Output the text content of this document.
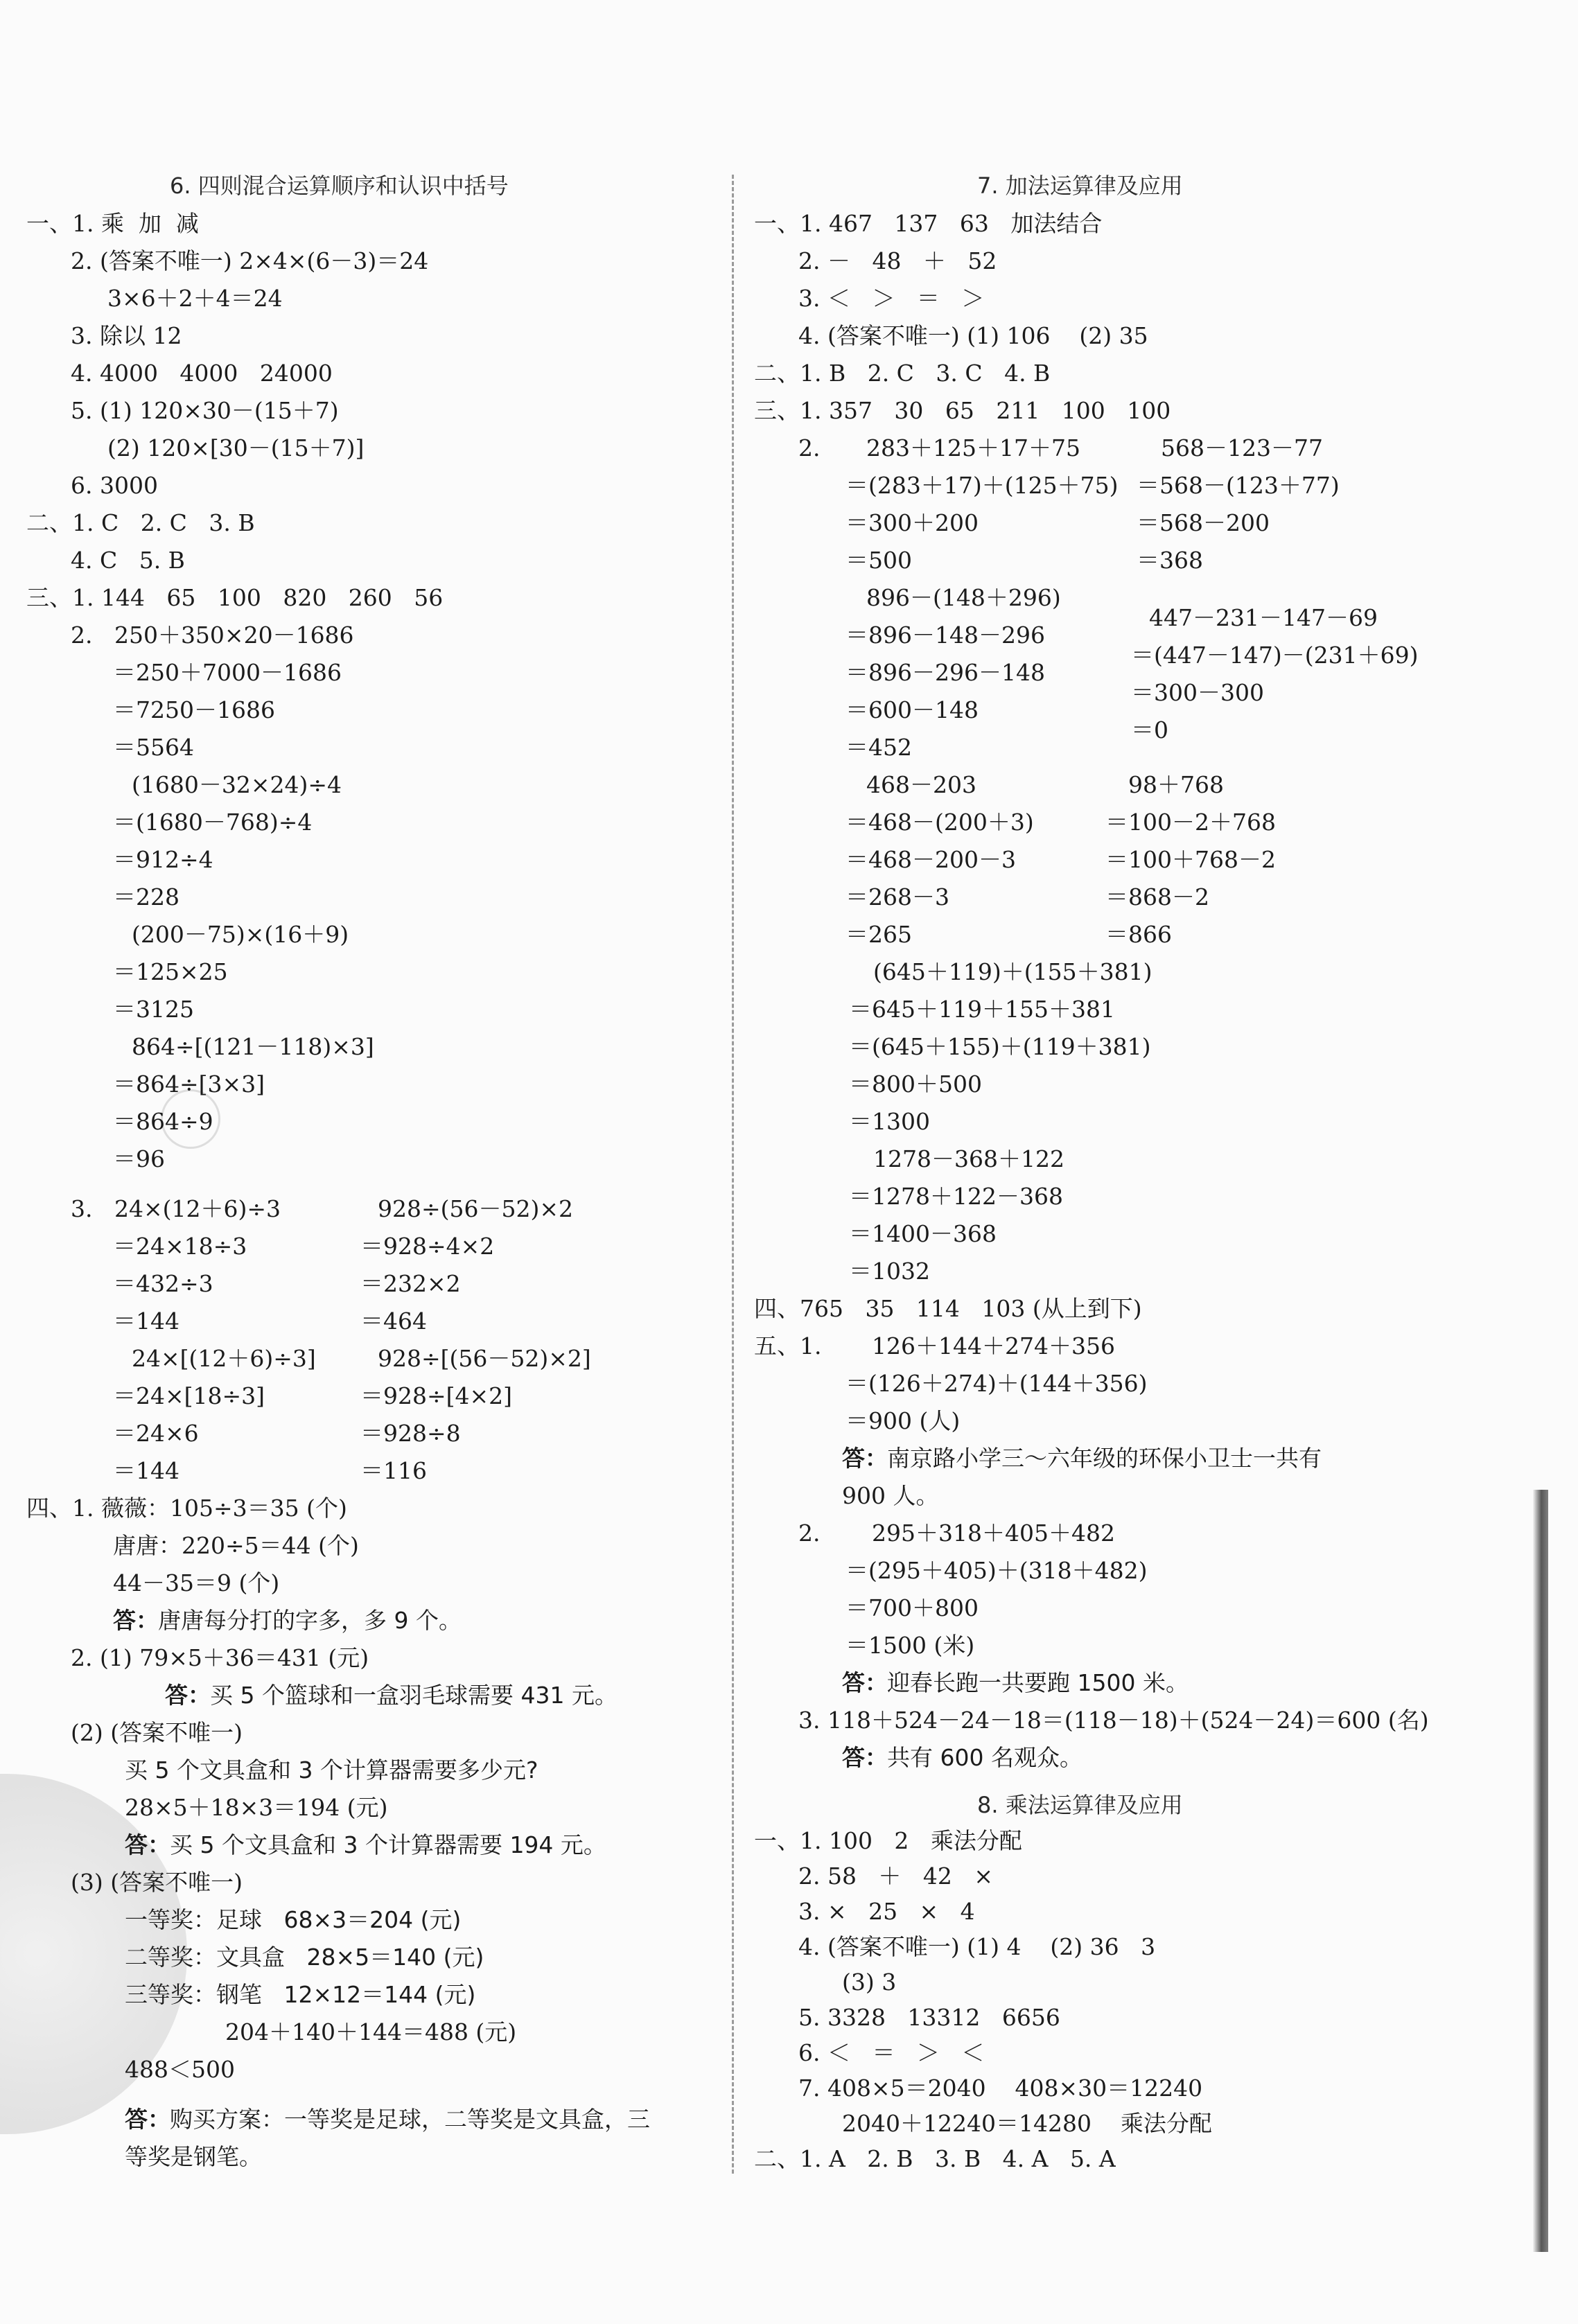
6. 四则混合运算顺序和认识中括号
一、1. 乘  加  减
2. (答案不唯一) 2×4×(6－3)＝24
3×6＋2＋4＝24
3. 除以 12
4. 4000   4000   24000
5. (1) 120×30－(15＋7)
(2) 120×[30－(15＋7)]
6. 3000
二、1. C   2. C   3. B
4. C   5. B
三、1. 144   65   100   820   260   56
2.   250＋350×20－1686
＝250＋7000－1686
＝7250－1686
＝5564
(1680－32×24)÷4
＝(1680－768)÷4
＝912÷4
＝228
(200－75)×(16＋9)
＝125×25
＝3125
864÷[(121－118)×3]
＝864÷[3×3]
＝864÷9
＝96
3.   24×(12＋6)÷3
＝24×18÷3
＝432÷3
＝144
24×[(12＋6)÷3]
＝24×[18÷3]
＝24×6
＝144
928÷(56－52)×2
＝928÷4×2
＝232×2
＝464
928÷[(56－52)×2]
＝928÷[4×2]
＝928÷8
＝116
四、1. 薇薇：105÷3＝35 (个)
唐唐：220÷5＝44 (个)
44－35＝9 (个)
答： 唐唐每分打的字多，多 9 个。
2. (1) 79×5＋36＝431 (元)
答： 买 5 个篮球和一盒羽毛球需要 431 元。
(2) (答案不唯一)
买 5 个文具盒和 3 个计算器需要多少元?
28×5＋18×3＝194 (元)
答： 买 5 个文具盒和 3 个计算器需要 194 元。
(3) (答案不唯一)
一等奖：足球   68×3＝204 (元)
二等奖：文具盒   28×5＝140 (元)
三等奖：钢笔   12×12＝144 (元)
204＋140＋144＝488 (元)
488＜500
答： 购买方案：一等奖是足球，二等奖是文具盒，三
等奖是钢笔。
7. 加法运算律及应用
一、1. 467   137   63   加法结合
2. －   48   ＋   52
3. ＜   ＞   ＝   ＞
4. (答案不唯一) (1) 106    (2) 35
二、1. B   2. C   3. C   4. B
三、1. 357   30   65   211   100   100
2. 283＋125＋17＋75
＝(283＋17)＋(125＋75)
＝300＋200
＝500
568－123－77
＝568－(123＋77)
＝568－200
＝368
896－(148＋296)
＝896－148－296
＝896－296－148
＝600－148
＝452
447－231－147－69
＝(447－147)－(231＋69)
＝300－300
＝0
468－203
＝468－(200＋3)
＝468－200－3
＝268－3
＝265
98＋768
＝100－2＋768
＝100＋768－2
＝868－2
＝866
(645＋119)＋(155＋381)
＝645＋119＋155＋381
＝(645＋155)＋(119＋381)
＝800＋500
＝1300
1278－368＋122
＝1278＋122－368
＝1400－368
＝1032
四、765   35   114   103 (从上到下)
五、1. 126＋144＋274＋356
＝(126＋274)＋(144＋356)
＝900 (人)
答： 南京路小学三～六年级的环保小卫士一共有
900 人。
2. 295＋318＋405＋482
＝(295＋405)＋(318＋482)
＝700＋800
＝1500 (米)
答： 迎春长跑一共要跑 1500 米。
3. 118＋524－24－18＝(118－18)＋(524－24)＝600 (名)
答： 共有 600 名观众。
8. 乘法运算律及应用
一、1. 100   2   乘法分配
2. 58   ＋   42   ×
3. ×   25   ×   4
4. (答案不唯一) (1) 4    (2) 36   3
(3) 3
5. 3328   13312   6656
6. ＜   ＝   ＞   ＜
7. 408×5＝2040    408×30＝12240
2040＋12240＝14280    乘法分配
二、1. A   2. B   3. B   4. A   5. A
